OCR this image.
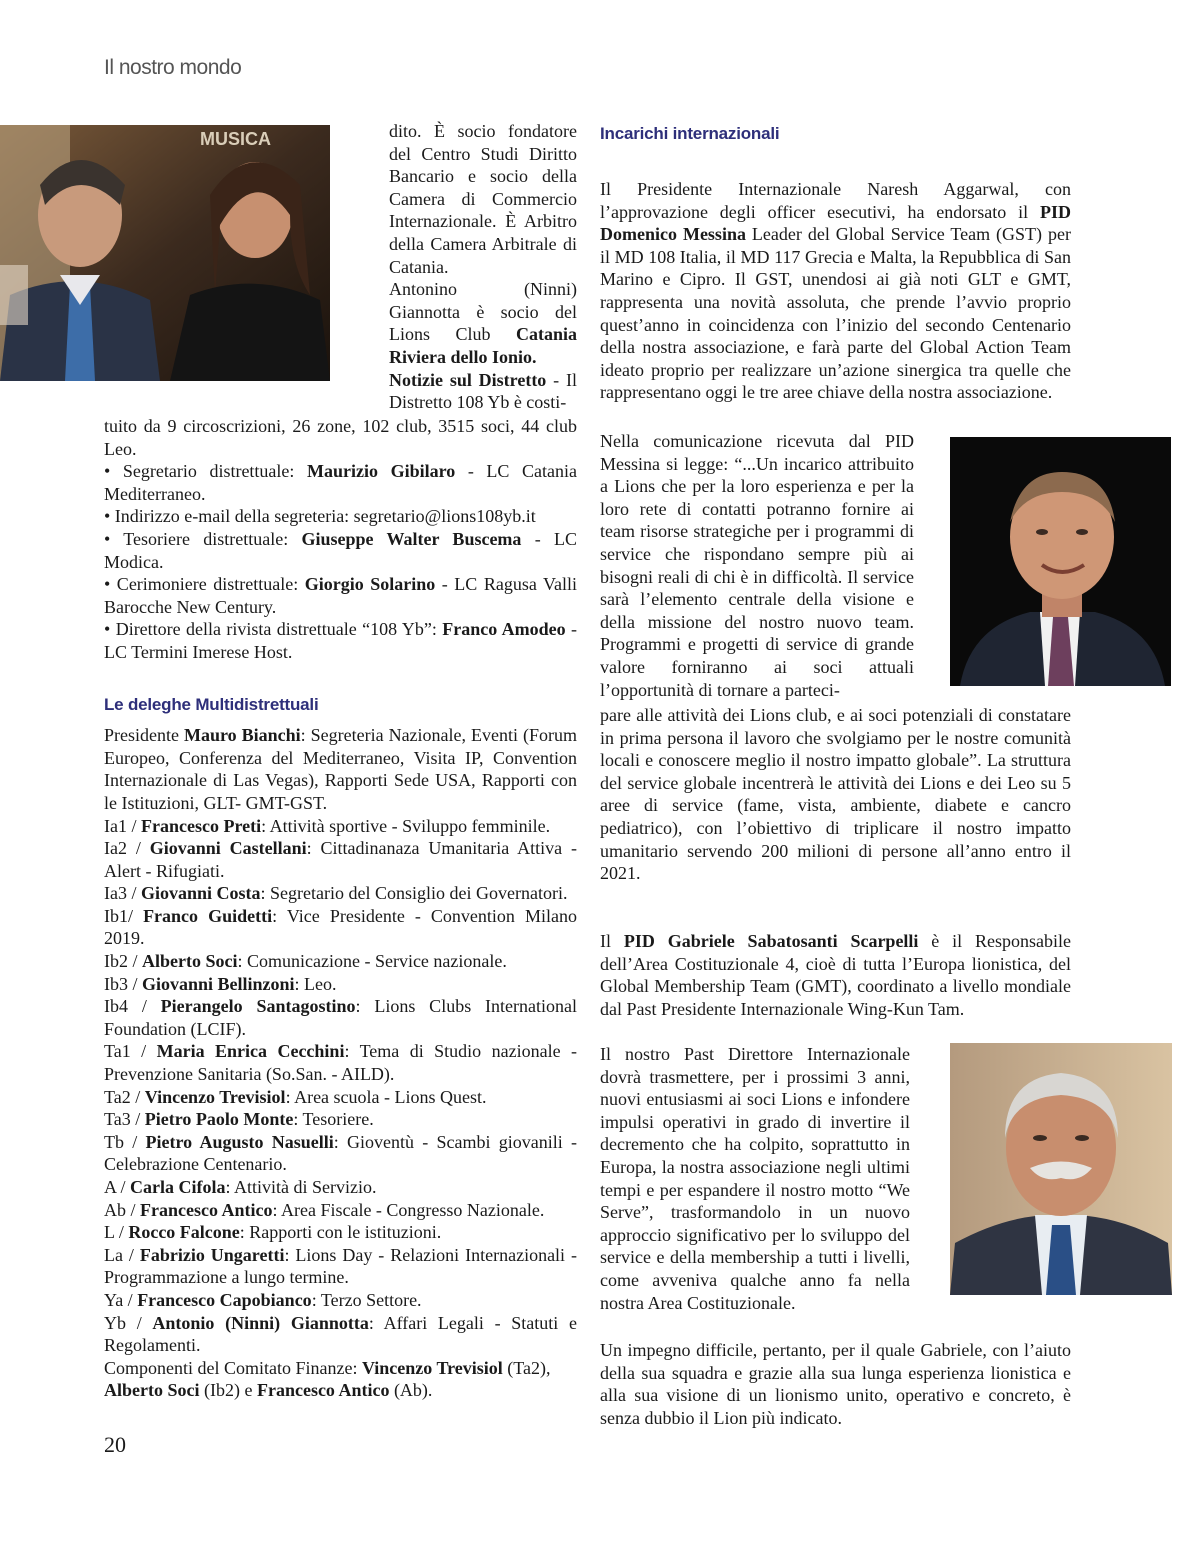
Il nostro mondo
MUSICA	dito. È socio fondatore del Centro Studi Diritto Bancario e socio della Camera di Commercio Internazionale. È Arbitro della Camera Arbitrale di Catania.

Antonino (Ninni) Giannotta è socio del Lions Club Catania Riviera dello Ionio.

Notizie sul Distretto - Il Distretto 108 Yb è costi-

tuito da 9 circoscrizioni, 26 zone, 102 club, 3515 soci, 44 club Leo.

• Segretario distrettuale: Maurizio Gibilaro - LC Catania Mediterraneo.

• Indirizzo e-mail della segreteria: segretario@lions108yb.it

• Tesoriere distrettuale: Giuseppe Walter Buscema - LC Modica.

• Cerimoniere distrettuale: Giorgio Solarino - LC Ragusa Valli Barocche New Century.

• Direttore della rivista distrettuale “108 Yb”: Franco Amodeo - LC Termini Imerese Host.

Le deleghe Multidistrettuali

Presidente Mauro Bianchi: Segreteria Nazionale, Eventi (Forum Europeo, Conferenza del Mediterraneo, Visita IP, Convention Internazionale di Las Vegas), Rapporti Sede USA, Rapporti con le Istituzioni, GLT- GMT-GST.

Ia1 / Francesco Preti: Attività sportive - Sviluppo femminile.

Ia2 / Giovanni Castellani: Cittadinanaza Umanitaria Attiva - Alert - Rifugiati.

Ia3 / Giovanni Costa: Segretario del Consiglio dei Governatori.

Ib1/ Franco Guidetti: Vice Presidente - Convention Milano 2019.

Ib2 / Alberto Soci: Comunicazione - Service nazionale.

Ib3 / Giovanni Bellinzoni: Leo.

Ib4 / Pierangelo Santagostino: Lions Clubs International Foundation (LCIF).

Ta1 / Maria Enrica Cecchini: Tema di Studio nazionale - Prevenzione Sanitaria (So.San. - AILD).

Ta2 / Vincenzo Trevisiol: Area scuola - Lions Quest.

Ta3 / Pietro Paolo Monte: Tesoriere.

Tb / Pietro Augusto Nasuelli: Gioventù - Scambi giovanili - Celebrazione Centenario.

A / Carla Cifola: Attività di Servizio.

Ab / Francesco Antico: Area Fiscale - Congresso Nazionale.

L / Rocco Falcone: Rapporti con le istituzioni.

La / Fabrizio Ungaretti: Lions Day - Relazioni Internazionali - Programmazione a lungo termine.

Ya / Francesco Capobianco: Terzo Settore.

Yb / Antonio (Ninni) Giannotta: Affari Legali - Statuti e Regolamenti.

Componenti del Comitato Finanze: Vincenzo Trevisiol (Ta2), Alberto Soci (Ib2) e Francesco Antico (Ab).

Incarichi internazionali

Il Presidente Internazionale Naresh Aggarwal, con l’approvazione degli officer esecutivi, ha endorsato il PID Domenico Messina Leader del Global Service Team (GST) per il MD 108 Italia, il MD 117 Grecia e Malta, la Repubblica di San Marino e Cipro. Il GST, unendosi ai già noti GLT e GMT, rappresenta una novità assoluta, che prende l’avvio proprio quest’anno in coincidenza con l’inizio del secondo Centenario della nostra associazione, e farà parte del Global Action Team ideato proprio per realizzare un’azione sinergica tra quelle che rappresentano oggi le tre aree chiave della nostra associazione.

Nella comunicazione ricevuta dal PID Messina si legge: “...Un incarico attribuito a Lions che per la loro esperienza e per la loro rete di contatti potranno fornire ai team risorse strategiche per i programmi di service che rispondano sempre più ai bisogni reali di chi è in difficoltà. Il service sarà l’elemento centrale della visione e della missione del nostro nuovo team. Programmi e progetti di service di grande valore forniranno ai soci attuali l’opportunità di tornare a parteci-

pare alle attività dei Lions club, e ai soci potenziali di constatare in prima persona il lavoro che svolgiamo per le nostre comunità locali e conoscere meglio il nostro impatto globale”. La struttura del service globale incentrerà le attività dei Lions e dei Leo su 5 aree di service (fame, vista, ambiente, diabete e cancro pediatrico), con l’obiettivo di triplicare il nostro impatto umanitario servendo 200 milioni di persone all’anno entro il 2021.

Il PID Gabriele Sabatosanti Scarpelli è il Responsabile dell’Area Costituzionale 4, cioè di tutta l’Europa lionistica, del Global Membership Team (GMT), coordinato a livello mondiale dal Past Presidente Internazionale Wing-Kun Tam.

Il nostro Past Direttore Internazionale dovrà trasmettere, per i prossimi 3 anni, nuovi entusiasmi ai soci Lions e infondere impulsi operativi in grado di invertire il decremento che ha colpito, soprattutto in Europa, la nostra associazione negli ultimi tempi e per espandere il nostro motto “We Serve”, trasformandolo in un nuovo approccio significativo per lo sviluppo del service e della membership a tutti i livelli, come avveniva qualche anno fa nella nostra Area Costituzionale.

Un impegno difficile, pertanto, per il quale Gabriele, con l’aiuto della sua squadra e grazie alla sua lunga esperienza lionistica e alla sua visione di un lionismo unito, operativo e concreto, è senza dubbio il Lion più indicato.

20
